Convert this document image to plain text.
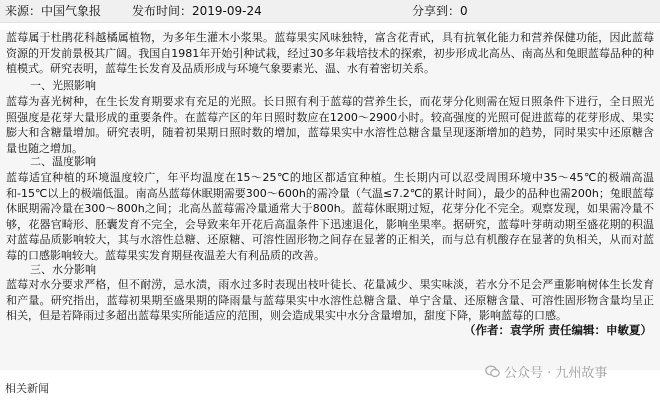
来源：中国气象报	发布时间：2019-09-24	分享到：0

蓝莓属于杜鹃花科越橘属植物，为多年生灌木小浆果。蓝莓果实风味独特，富含花青甙，具有抗氧化能力和营养保健功能，因此蓝莓资源的开发前景极其广阔。我国自1981年开始引种试栽，经过30多年栽培技术的探索，初步形成北高丛、南高丛和兔眼蓝莓品种的种植模式。研究表明，蓝莓生长发育及品质形成与环境气象要素光、温、水有着密切关系。

一、光照影响

蓝莓为喜光树种，在生长发育期要求有充足的光照。长日照有利于蓝莓的营养生长，而花芽分化则需在短日照条件下进行，全日照光照强度是花芽大量形成的重要条件。在蓝莓产区的年日照时数应在1200～2900小时。较高强度的光照可促进蓝莓的花芽形成、果实膨大和含糖量增加。研究表明，随着初果期日照时数的增加，蓝莓果实中水溶性总糖含量呈现逐渐增加的趋势，同时果实中还原糖含量也随之增加。

二、温度影响

蓝莓适宜种植的环境温度较广，年平均温度在15～25℃的地区都适宜种植。生长期内可以忍受周围环境中35～45℃的极端高温和-15℃以上的极端低温。南高丛蓝莓休眠期需要300～600h的需冷量（气温≤7.2℃的累计时间），最少的品种也需200h；兔眼蓝莓休眠期需冷量在300～800h之间；北高丛蓝莓需冷量通常大于800h。蓝莓休眠期过短，花芽分化不完全。观察发现，如果需冷量不够，花器官畸形、胚囊发育不完全，会导致来年开花后高温条件下迅速退化，影响坐果率。据研究，蓝莓叶芽萌动期至盛花期的积温对蓝莓品质影响较大，其与水溶性总糖、还原糖、可溶性固形物之间存在显著的正相关，而与总有机酸存在显著的负相关，从而对蓝莓的口感影响较大。蓝莓果实发育期昼夜温差大有利品质的改善。

三、水分影响

蓝莓对水分要求严格，但不耐涝，忌水渍，雨水过多时表现出枝叶徒长、花量减少、果实味淡，若水分不足会严重影响树体生长发育和产量。研究指出，蓝莓初果期至盛果期的降雨量与蓝莓果实中水溶性总糖含量、单宁含量、还原糖含量、可溶性固形物含量均呈正相关，但是若降雨过多超出蓝莓果实所能适应的范围，则会造成果实中水分含量增加，甜度下降，影响蓝莓的口感。

（作者：袁学所 责任编辑：申敏夏）
公众号 · 九州故事
相关新闻
